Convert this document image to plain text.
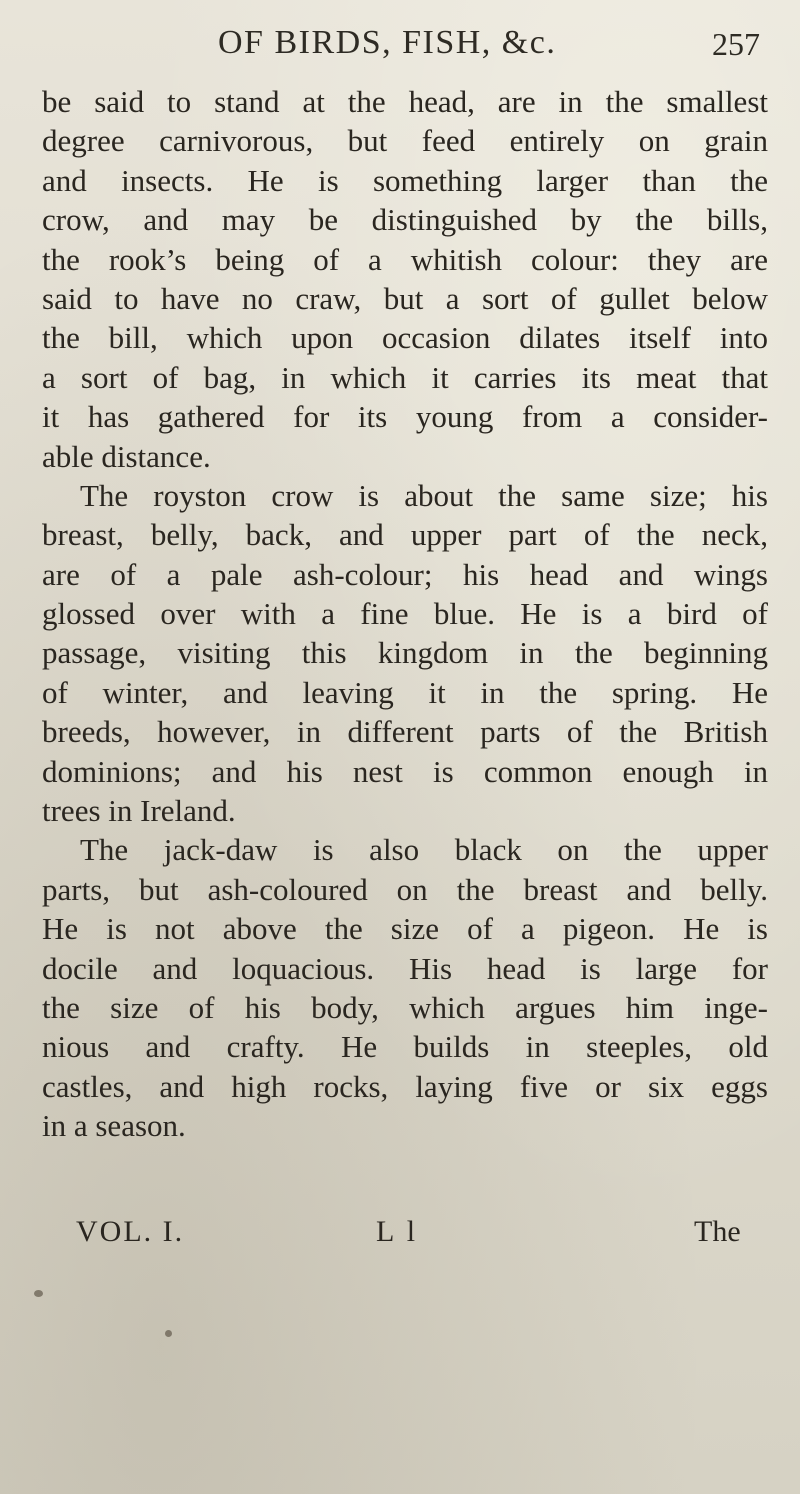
OF BIRDS, FISH, &c.	257
be said to stand at the head, are in the smallest
degree carnivorous, but feed entirely on grain
and insects. He is something larger than the
crow, and may be distinguished by the bills,
the rook’s being of a whitish colour: they are
said to have no craw, but a sort of gullet below
the bill, which upon occasion dilates itself into
a sort of bag, in which it carries its meat that
it has gathered for its young from a consider-
able distance.
The royston crow is about the same size; his
breast, belly, back, and upper part of the neck,
are of a pale ash-colour; his head and wings
glossed over with a fine blue. He is a bird of
passage, visiting this kingdom in the beginning
of winter, and leaving it in the spring. He
breeds, however, in different parts of the British
dominions; and his nest is common enough in
trees in Ireland.
The jack-daw is also black on the upper
parts, but ash-coloured on the breast and belly.
He is not above the size of a pigeon. He is
docile and loquacious. His head is large for
the size of his body, which argues him inge-
nious and crafty. He builds in steeples, old
castles, and high rocks, laying five or six eggs
in a season.
VOL. I.	L l	The
